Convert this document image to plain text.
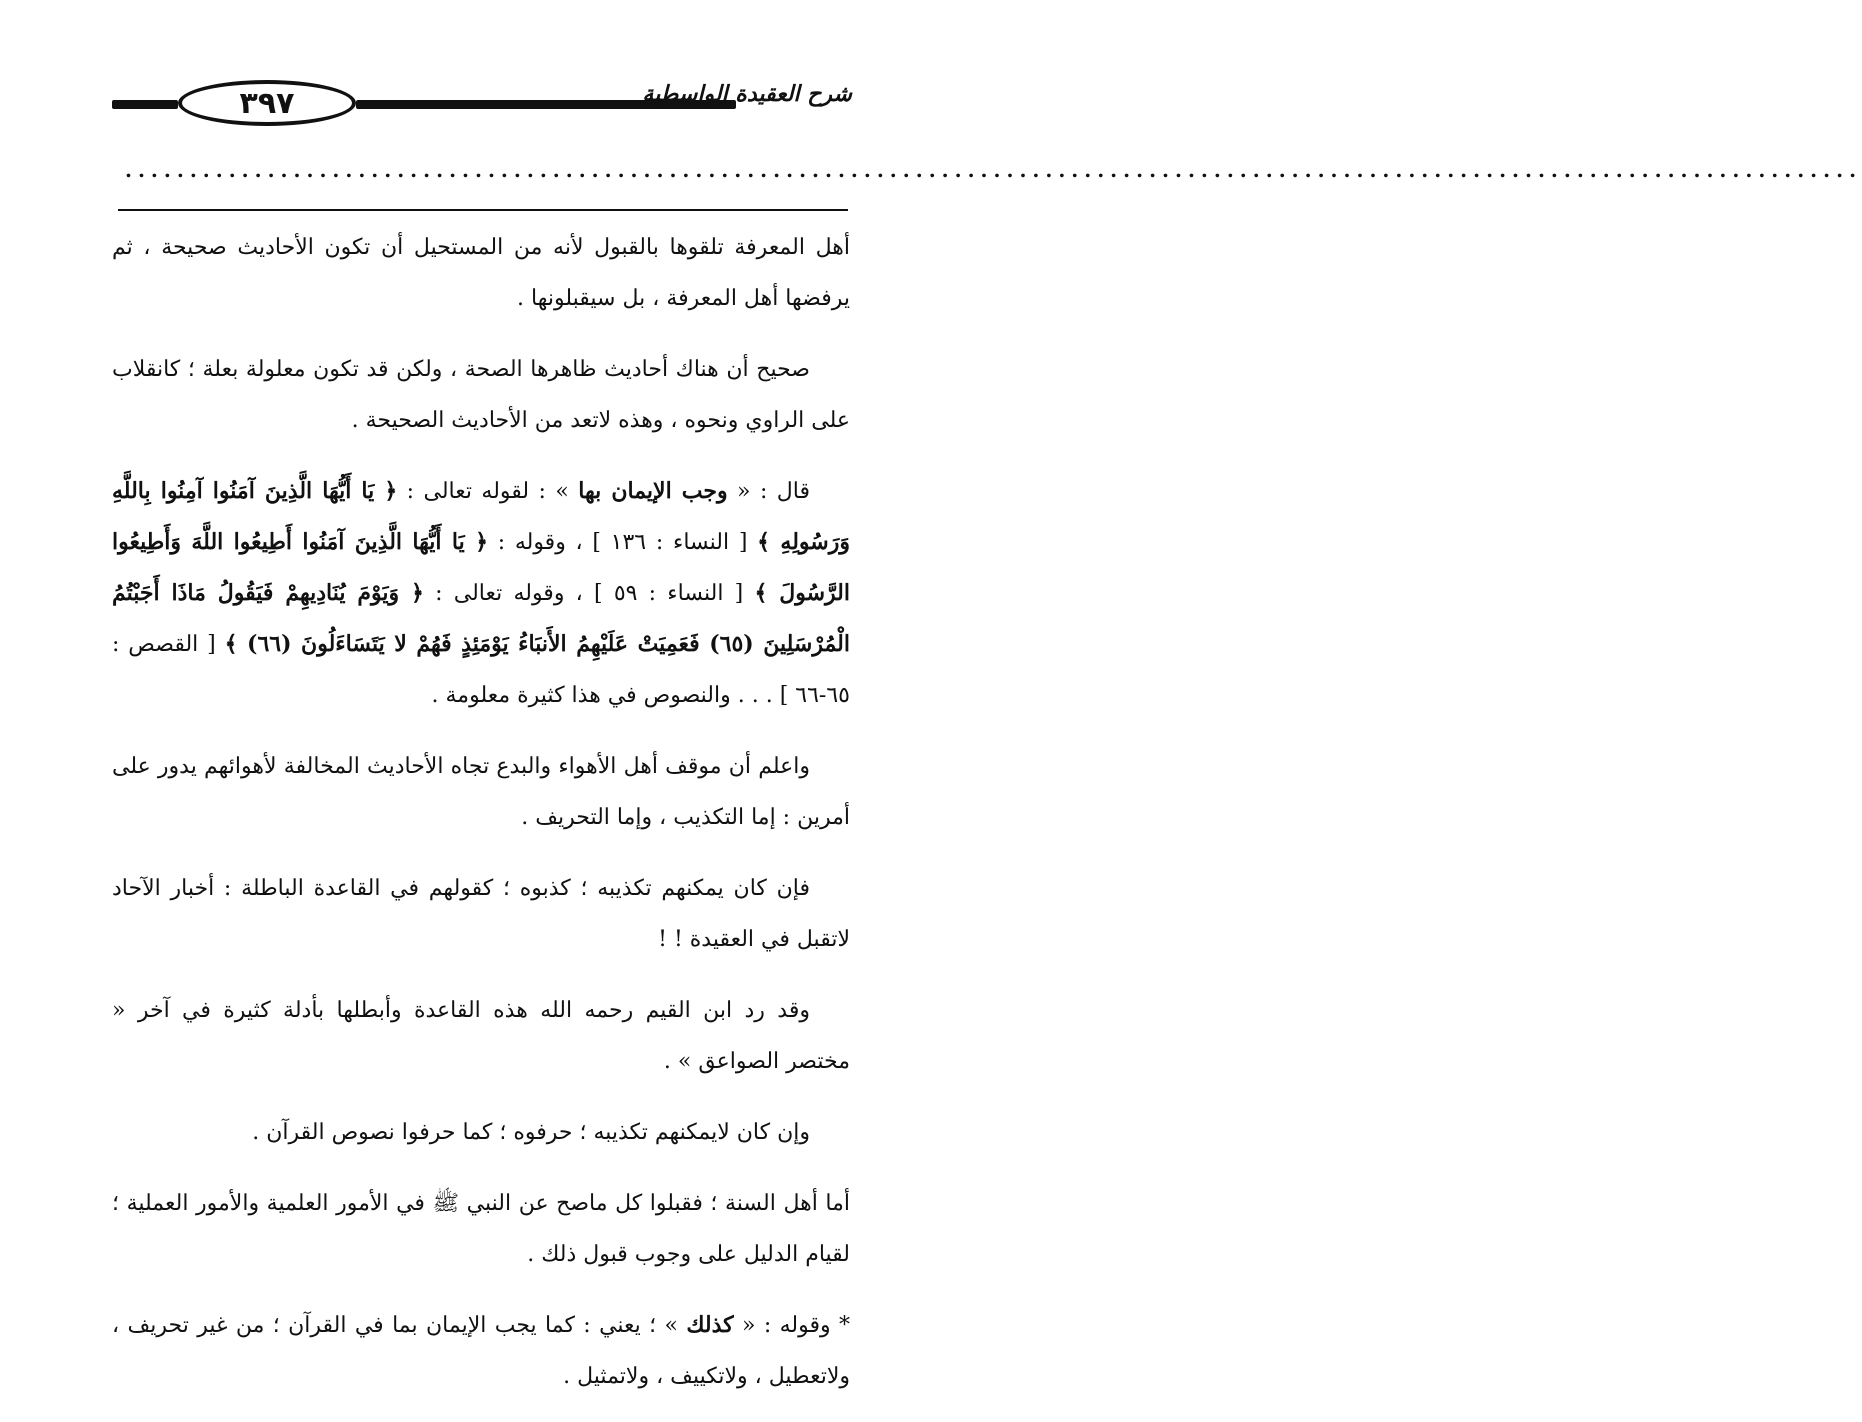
٣٩٧	شرح العقيدة الواسطية
......................................................................................................................................

أهل المعرفة تلقوها بالقبول لأنه من المستحيل أن تكون الأحاديث صحيحة ، ثم يرفضها أهل المعرفة ، بل سيقبلونها .

صحيح أن هناك أحاديث ظاهرها الصحة ، ولكن قد تكون معلولة بعلة ؛ كانقلاب على الراوي ونحوه ، وهذه لاتعد من الأحاديث الصحيحة .

قال : « وجب الإيمان بها » : لقوله تعالى : ﴿ يَا أَيُّهَا الَّذِينَ آمَنُوا آمِنُوا بِاللَّهِ وَرَسُولِهِ ﴾ [ النساء : ١٣٦ ] ، وقوله : ﴿ يَا أَيُّهَا الَّذِينَ آمَنُوا أَطِيعُوا اللَّهَ وَأَطِيعُوا الرَّسُولَ ﴾ [ النساء : ٥٩ ] ، وقوله تعالى : ﴿ وَيَوْمَ يُنَادِيهِمْ فَيَقُولُ مَاذَا أَجَبْتُمُ الْمُرْسَلِينَ (٦٥) فَعَمِيَتْ عَلَيْهِمُ الأَنبَاءُ يَوْمَئِذٍ فَهُمْ لا يَتَسَاءَلُونَ (٦٦) ﴾ [ القصص : ٦٥-٦٦ ] . . . والنصوص في هذا كثيرة معلومة .

واعلم أن موقف أهل الأهواء والبدع تجاه الأحاديث المخالفة لأهوائهم يدور على أمرين : إما التكذيب ، وإما التحريف .

فإن كان يمكنهم تكذيبه ؛ كذبوه ؛ كقولهم في القاعدة الباطلة : أخبار الآحاد لاتقبل في العقيدة ! !

وقد رد ابن القيم رحمه الله هذه القاعدة وأبطلها بأدلة كثيرة في آخر « مختصر الصواعق » .

وإن كان لايمكنهم تكذيبه ؛ حرفوه ؛ كما حرفوا نصوص القرآن .

أما أهل السنة ؛ فقبلوا كل ماصح عن النبي ﷺ في الأمور العلمية والأمور العملية ؛ لقيام الدليل على وجوب قبول ذلك .

* وقوله : « كذلك » ؛ يعني : كما يجب الإيمان بما في القرآن ؛ من غير تحريف ، ولاتعطيل ، ولاتكييف ، ولاتمثيل .
